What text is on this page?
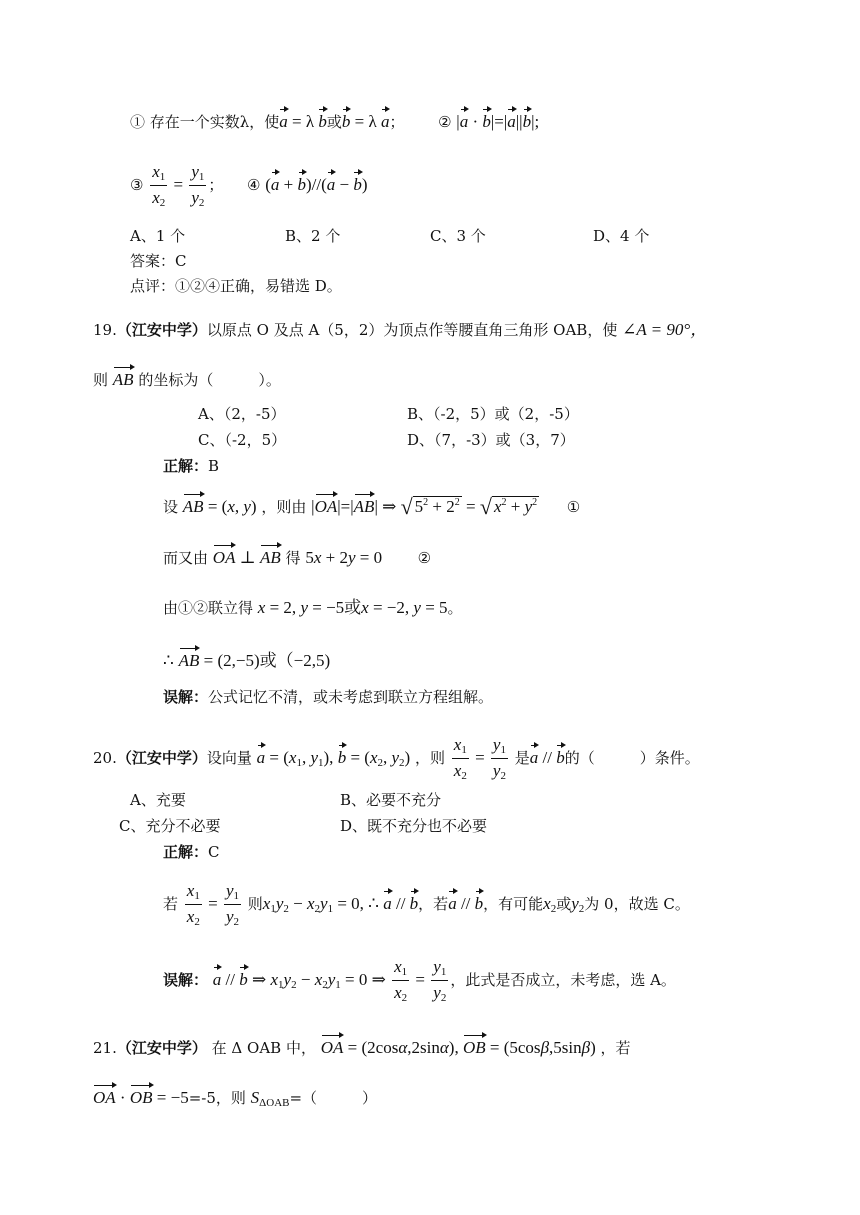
① 存在一个实数λ，使a = λ b或b = λ a； ② |a · b|=|a||b|;
③ $\frac{x_1}{x_2} = \frac{y_1}{y_2}$ ； ④ (a + b)//(a − b)
A、1 个	B、2 个	C、3 个	D、4 个
答案：C
点评：①②④正确，易错选 D。
19.（江安中学）以原点 O 及点 A（5，2）为顶点作等腰直角三角形 OAB，使 ∠A = 90°，
则 AB 的坐标为（　　　）。
A、（2，-5）	B、（-2，5）或（2，-5）
C、（-2，5）	D、（7，-3）或（3，7）
正解：B
设 AB = (x, y) ，则由 |OA|=|AB| ⇒ √ $5^2 + 2^2$ = √ $x^2 + y^2$ ①
而又由 OA ⊥ AB 得 5x + 2y = 0 ②
由①②联立得 x = 2, y = −5或x = −2, y = 5。
∴ AB = (2,−5)或（−2,5)
误解：公式记忆不清，或未考虑到联立方程组解。
20.（江安中学）设向量 $a = (x_1$, $y_1$), $b = (x_2$, $y_2$) ，则 $\frac{x_1}{x_2} = \frac{y_1}{y_2}$ 是a // b的（　　　）条件。
A、充要	B、必要不充分
C、充分不必要	D、既不充分也不必要
正解：C
若 $\frac{x_1}{x_2} = \frac{y_1}{y_2}$ 则$x_1y_2 - x_2y_1 = 0$, ∴ a // b，若a // b，有可能$x_2$或$y_2$为 0，故选 C。
误解： a // b ⇒ $x_1y_2 - x_2y_1 = 0$ ⇒ $\frac{x_1}{x_2} = \frac{y_1}{y_2}$ ，此式是否成立，未考虑，选 A。
21.（江安中学） 在 Δ OAB 中， OA = (2cosα,2sinα), OB = (5cosβ,5sinβ) ，若
OA · OB = −5=-5，则 $S_{\Delta OAB}=$（　　　）
